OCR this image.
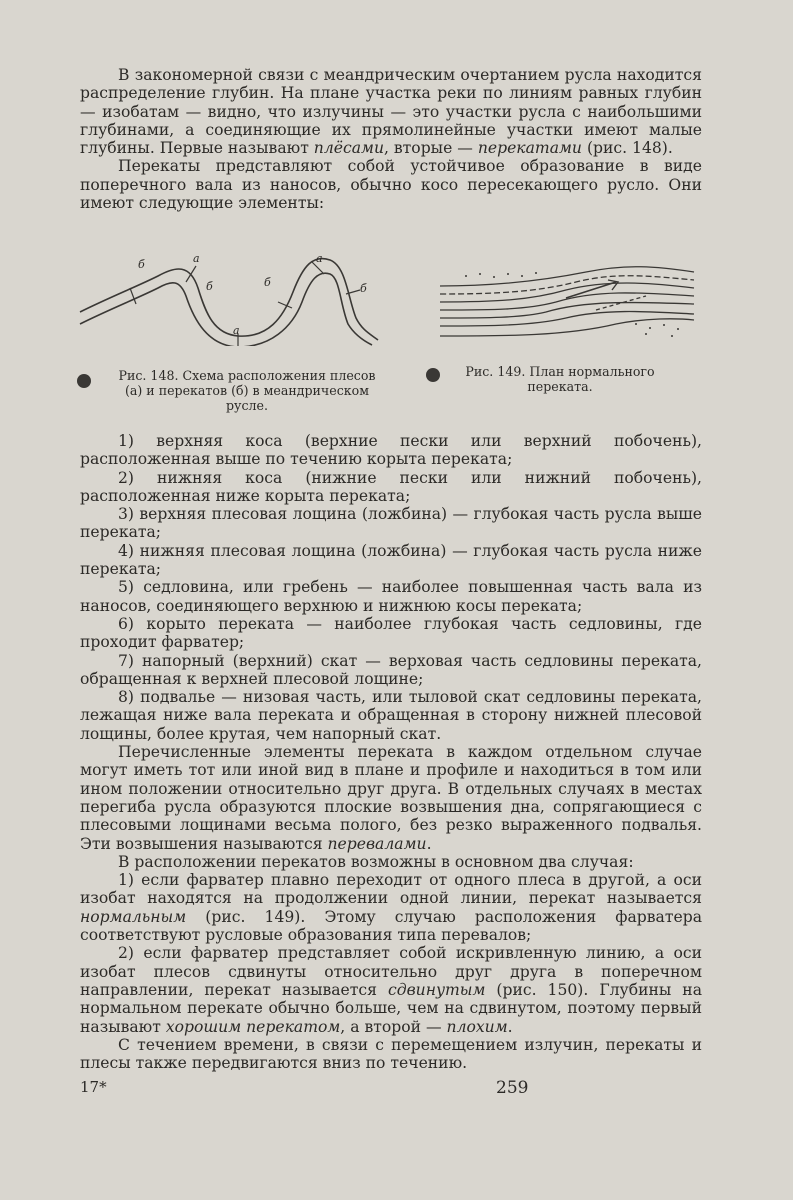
В закономерной связи с меандрическим очертанием русла находится распределение глубин. На плане участка реки по линиям равных глубин — изобатам — видно, что излучины — это участки русла с наибольшими глубинами, а соединяющие их прямолинейные участки имеют малые глубины. Первые называют плёсами, вторые — перекатами (рис. 148).

Перекаты представляют собой устойчивое образование в виде поперечного вала из наносов, обычно косо пересекающего русло. Они имеют следующие элементы:

б	а
б	б
а
б
а
Рис. 148. Схема расположения плесов (а) и перекатов (б) в меандрическом русле.
Рис. 149. План нормального переката.

1) верхняя коса (верхние пески или верхний побочень), расположенная выше по течению корыта переката;

2) нижняя коса (нижние пески или нижний побочень), расположенная ниже корыта переката;

3) верхняя плесовая лощина (ложбина) — глубокая часть русла выше переката;

4) нижняя плесовая лощина (ложбина) — глубокая часть русла ниже переката;

5) седловина, или гребень — наиболее повышенная часть вала из наносов, соединяющего верхнюю и нижнюю косы переката;

6) корыто переката — наиболее глубокая часть седловины, где проходит фарватер;

7) напорный (верхний) скат — верховая часть седловины переката, обращенная к верхней плесовой лощине;

8) подвалье — низовая часть, или тыловой скат седловины переката, лежащая ниже вала переката и обращенная в сторону нижней плесовой лощины, более крутая, чем напорный скат.

Перечисленные элементы переката в каждом отдельном случае могут иметь тот или иной вид в плане и профиле и находиться в том или ином положении относительно друг друга. В отдельных случаях в местах перегиба русла образуются плоские возвышения дна, сопрягающиеся с плесовыми лощинами весьма полого, без резко выраженного подвалья. Эти возвышения называются перевалами.

В расположении перекатов возможны в основном два случая:

1) если фарватер плавно переходит от одного плеса в другой, а оси изобат находятся на продолжении одной линии, перекат называется нормальным (рис. 149). Этому случаю расположения фарватера соответствуют русловые образования типа перевалов;

2) если фарватер представляет собой искривленную линию, а оси изобат плесов сдвинуты относительно друг друга в поперечном направлении, перекат называется сдвинутым (рис. 150). Глубины на нормальном перекате обычно больше, чем на сдвинутом, поэтому первый называют хорошим перекатом, а второй — плохим.

С течением времени, в связи с перемещением излучин, перекаты и плесы также передвигаются вниз по течению.

17*	259
